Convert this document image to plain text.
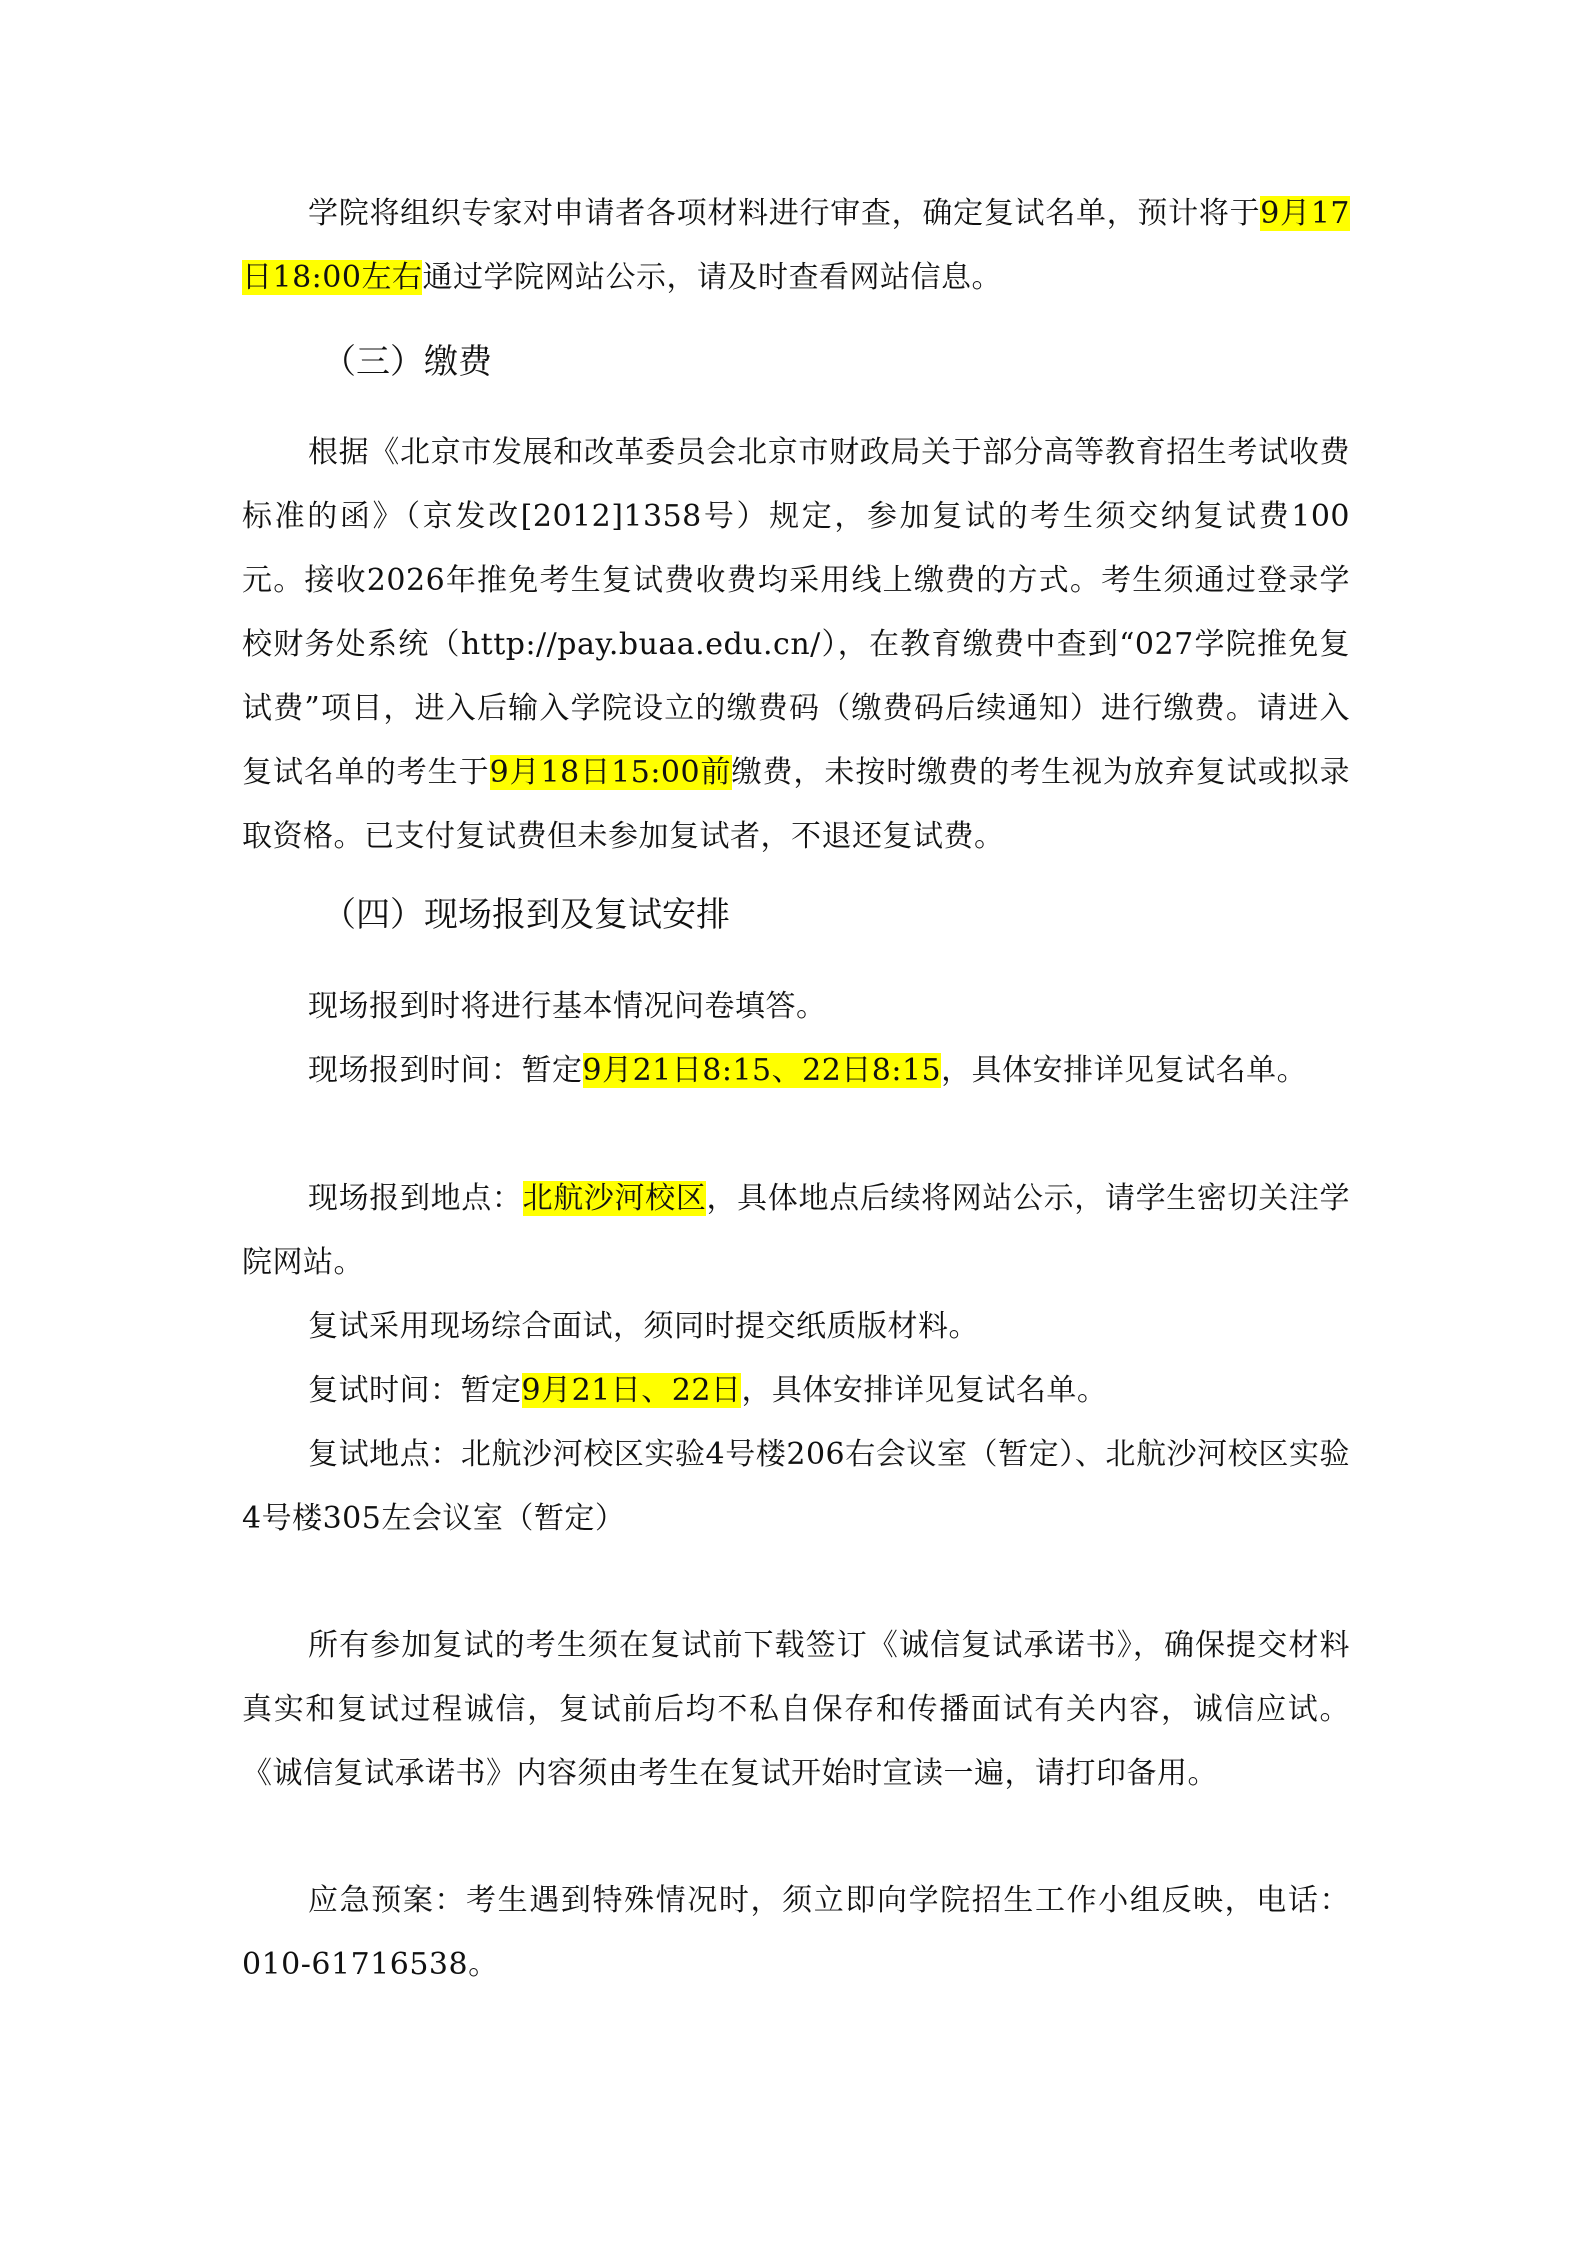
学院将组织专家对申请者各项材料进行审查，确定复试名单，预计将于9月17日18:00左右通过学院网站公示，请及时查看网站信息。

（三）缴费

根据《北京市发展和改革委员会北京市财政局关于部分高等教育招生考试收费标准的函》（京发改[2012]1358号）规定，参加复试的考生须交纳复试费100元。接收2026年推免考生复试费收费均采用线上缴费的方式。考生须通过登录学校财务处系统（http://pay.buaa.edu.cn/），在教育缴费中查到“027学院推免复试费”项目，进入后输入学院设立的缴费码（缴费码后续通知）进行缴费。请进入复试名单的考生于9月18日15:00前缴费，未按时缴费的考生视为放弃复试或拟录取资格。已支付复试费但未参加复试者，不退还复试费。

（四）现场报到及复试安排

现场报到时将进行基本情况问卷填答。

现场报到时间：暂定9月21日8:15、22日8:15，具体安排详见复试名单。

现场报到地点：北航沙河校区，具体地点后续将网站公示，请学生密切关注学院网站。

复试采用现场综合面试，须同时提交纸质版材料。

复试时间：暂定9月21日、22日，具体安排详见复试名单。

复试地点：北航沙河校区实验4号楼206右会议室（暂定）、北航沙河校区实验4号楼305左会议室（暂定）

所有参加复试的考生须在复试前下载签订《诚信复试承诺书》，确保提交材料真实和复试过程诚信，复试前后均不私自保存和传播面试有关内容，诚信应试。《诚信复试承诺书》内容须由考生在复试开始时宣读一遍，请打印备用。

应急预案：考生遇到特殊情况时，须立即向学院招生工作小组反映，电话：010-61716538。
